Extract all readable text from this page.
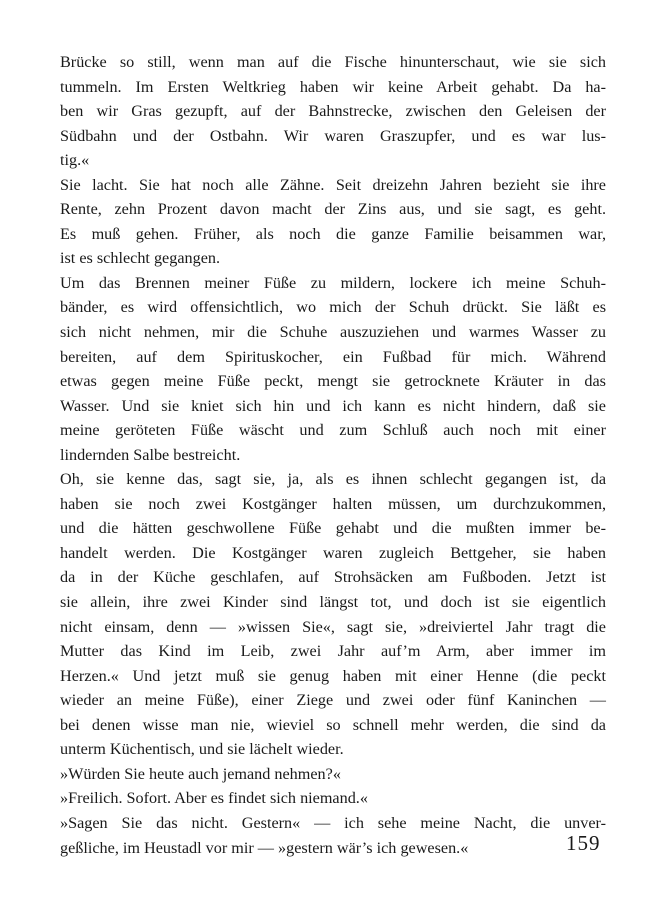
Brücke so still, wenn man auf die Fische hinunterschaut, wie sie sich
tummeln. Im Ersten Weltkrieg haben wir keine Arbeit gehabt. Da ha-
ben wir Gras gezupft, auf der Bahnstrecke, zwischen den Geleisen der
Südbahn und der Ostbahn. Wir waren Graszupfer, und es war lus-
tig.«
Sie lacht. Sie hat noch alle Zähne. Seit dreizehn Jahren bezieht sie ihre
Rente, zehn Prozent davon macht der Zins aus, und sie sagt, es geht.
Es muß gehen. Früher, als noch die ganze Familie beisammen war,
ist es schlecht gegangen.
Um das Brennen meiner Füße zu mildern, lockere ich meine Schuh-
bänder, es wird offensichtlich, wo mich der Schuh drückt. Sie läßt es
sich nicht nehmen, mir die Schuhe auszuziehen und warmes Wasser zu
bereiten, auf dem Spirituskocher, ein Fußbad für mich. Während
etwas gegen meine Füße peckt, mengt sie getrocknete Kräuter in das
Wasser. Und sie kniet sich hin und ich kann es nicht hindern, daß sie
meine geröteten Füße wäscht und zum Schluß auch noch mit einer
lindernden Salbe bestreicht.
Oh, sie kenne das, sagt sie, ja, als es ihnen schlecht gegangen ist, da
haben sie noch zwei Kostgänger halten müssen, um durchzukommen,
und die hätten geschwollene Füße gehabt und die mußten immer be-
handelt werden. Die Kostgänger waren zugleich Bettgeher, sie haben
da in der Küche geschlafen, auf Strohsäcken am Fußboden. Jetzt ist
sie allein, ihre zwei Kinder sind längst tot, und doch ist sie eigentlich
nicht einsam, denn — »wissen Sie«, sagt sie, »dreiviertel Jahr tragt die
Mutter das Kind im Leib, zwei Jahr auf’m Arm, aber immer im
Herzen.« Und jetzt muß sie genug haben mit einer Henne (die peckt
wieder an meine Füße), einer Ziege und zwei oder fünf Kaninchen —
bei denen wisse man nie, wieviel so schnell mehr werden, die sind da
unterm Küchentisch, und sie lächelt wieder.
»Würden Sie heute auch jemand nehmen?«
»Freilich. Sofort. Aber es findet sich niemand.«
»Sagen Sie das nicht. Gestern« — ich sehe meine Nacht, die unver-
geßliche, im Heustadl vor mir — »gestern wär’s ich gewesen.«	159
